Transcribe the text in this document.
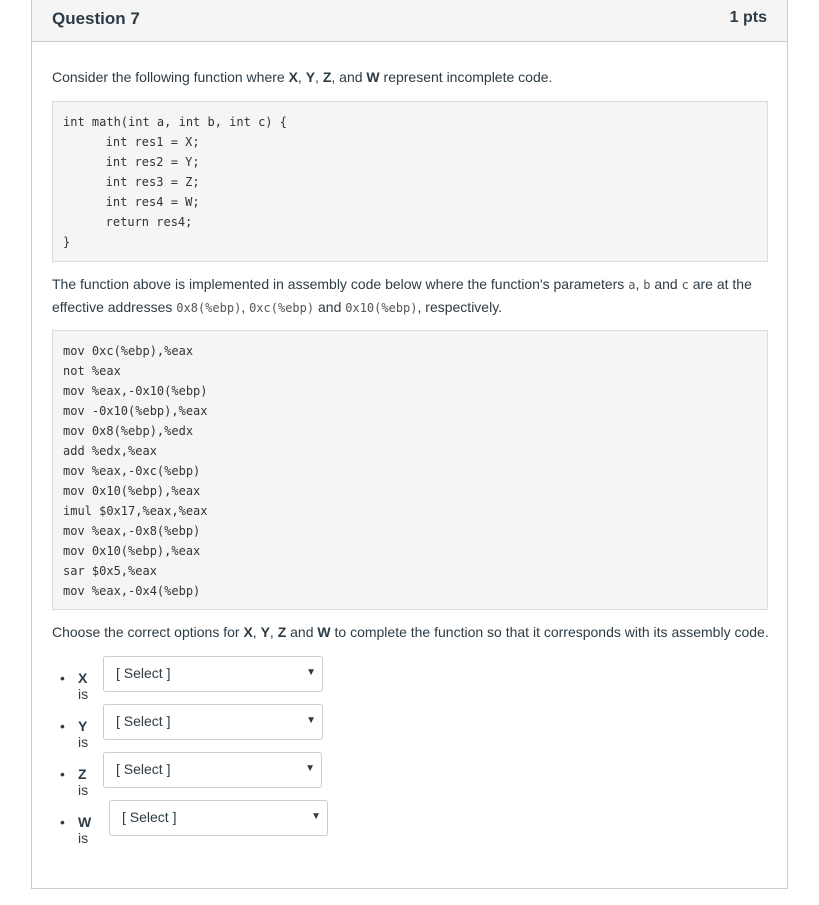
Question 7	1 pts
Consider the following function where X, Y, Z, and W represent incomplete code.
int math(int a, int b, int c) {
int res1 = X;
int res2 = Y;
int res3 = Z;
int res4 = W;
return res4;
}
The function above is implemented in assembly code below where the function's parameters a, b and c are at the
effective addresses 0x8(%ebp), 0xc(%ebp) and 0x10(%ebp), respectively.
mov 0xc(%ebp),%eax
not %eax
mov %eax,-0x10(%ebp)
mov -0x10(%ebp),%eax
mov 0x8(%ebp),%edx
add %edx,%eax
mov %eax,-0xc(%ebp)
mov 0x10(%ebp),%eax
imul $0x17,%eax,%eax
mov %eax,-0x8(%ebp)
mov 0x10(%ebp),%eax
sar $0x5,%eax
mov %eax,-0x4(%ebp)
Choose the correct options for X, Y, Z and W to complete the function so that it corresponds with its assembly code.
• X is
[ Select ]	▼
• Y is
[ Select ]	▼
• Z is
[ Select ]	▼
• W is
[ Select ]	▼
